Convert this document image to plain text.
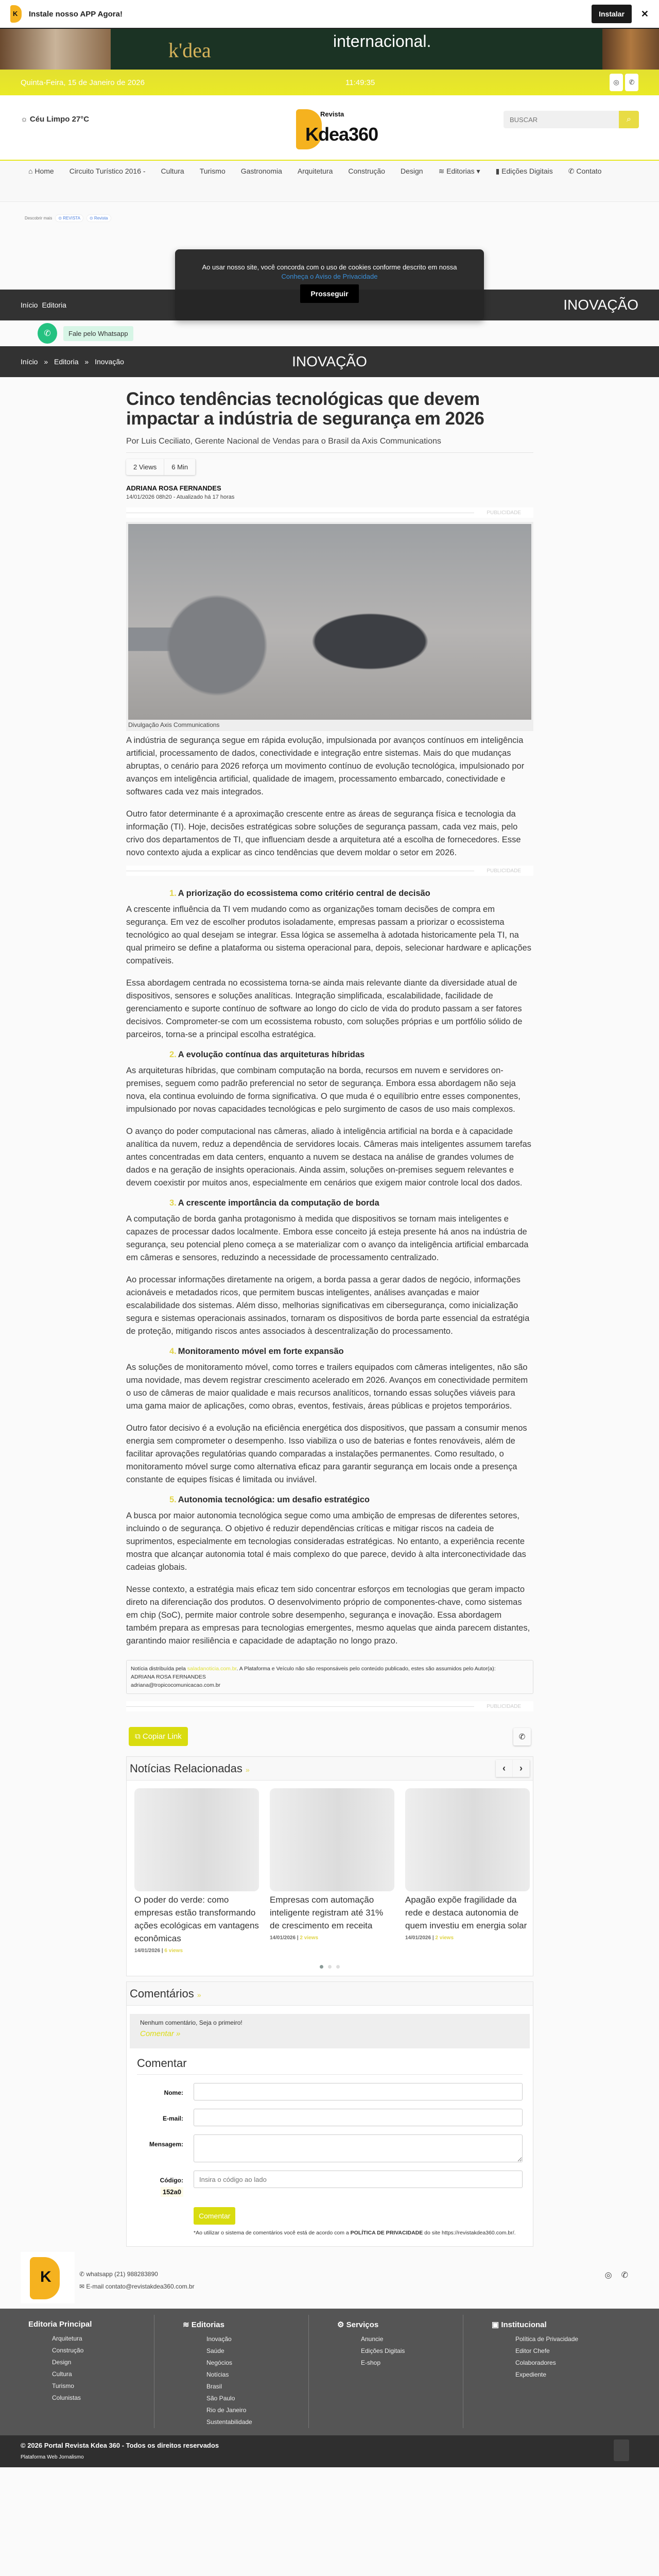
K
Instale nosso APP Agora!	Instalar	✕
k'dea	internacional.
Quinta-Feira, 15 de Janeiro de 2026	11:49:35	◎	✆
☼ Céu Limpo 27°C
Revista
Kdea360
BUSCAR
⌕
⌂ Home Circuito Turístico 2016 - Cultura Turismo Gastronomia Arquitetura Construção Design ≋ Editorias ▾ ▮ Edições Digitais ✆ Contato
Descobrir mais	⊙ REVISTA	⊙ Revista
Início Editoria	INOVAÇÃO
Início » Editoria » Inovação	INOVAÇÃO

Ao usar nosso site, você concorda com o uso de cookies conforme descrito em nossa

Conheça o Aviso de Privacidade
Prosseguir
✆	Fale pelo Whatsapp
Cinco tendências tecnológicas que devem impactar a indústria de segurança em 2026
Por Luis Ceciliato, Gerente Nacional de Vendas para o Brasil da Axis Communications
2 Views	6 Min
ADRIANA ROSA FERNANDES
14/01/2026 08h20 - Atualizado há 17 horas
PUBLICIDADE
Divulgação Axis Communications

A indústria de segurança segue em rápida evolução, impulsionada por avanços contínuos em inteligência artificial, processamento de dados, conectividade e integração entre sistemas. Mais do que mudanças abruptas, o cenário para 2026 reforça um movimento contínuo de evolução tecnológica, impulsionado por avanços em inteligência artificial, qualidade de imagem, processamento embarcado, conectividade e softwares cada vez mais integrados.

Outro fator determinante é a aproximação crescente entre as áreas de segurança física e tecnologia da informação (TI). Hoje, decisões estratégicas sobre soluções de segurança passam, cada vez mais, pelo crivo dos departamentos de TI, que influenciam desde a arquitetura até a escolha de fornecedores. Esse novo contexto ajuda a explicar as cinco tendências que devem moldar o setor em 2026.

PUBLICIDADE
1. A priorização do ecossistema como critério central de decisão

A crescente influência da TI vem mudando como as organizações tomam decisões de compra em segurança. Em vez de escolher produtos isoladamente, empresas passam a priorizar o ecossistema tecnológico ao qual desejam se integrar. Essa lógica se assemelha à adotada historicamente pela TI, na qual primeiro se define a plataforma ou sistema operacional para, depois, selecionar hardware e aplicações compatíveis.

Essa abordagem centrada no ecossistema torna-se ainda mais relevante diante da diversidade atual de dispositivos, sensores e soluções analíticas. Integração simplificada, escalabilidade, facilidade de gerenciamento e suporte contínuo de software ao longo do ciclo de vida do produto passam a ser fatores decisivos. Comprometer-se com um ecossistema robusto, com soluções próprias e um portfólio sólido de parceiros, torna-se a principal escolha estratégica.

2. A evolução contínua das arquiteturas híbridas

As arquiteturas híbridas, que combinam computação na borda, recursos em nuvem e servidores on-premises, seguem como padrão preferencial no setor de segurança. Embora essa abordagem não seja nova, ela continua evoluindo de forma significativa. O que muda é o equilíbrio entre esses componentes, impulsionado por novas capacidades tecnológicas e pelo surgimento de casos de uso mais complexos.

O avanço do poder computacional nas câmeras, aliado à inteligência artificial na borda e à capacidade analítica da nuvem, reduz a dependência de servidores locais. Câmeras mais inteligentes assumem tarefas antes concentradas em data centers, enquanto a nuvem se destaca na análise de grandes volumes de dados e na geração de insights operacionais. Ainda assim, soluções on-premises seguem relevantes e devem coexistir por muitos anos, especialmente em cenários que exigem maior controle local dos dados.

3. A crescente importância da computação de borda

A computação de borda ganha protagonismo à medida que dispositivos se tornam mais inteligentes e capazes de processar dados localmente. Embora esse conceito já esteja presente há anos na indústria de segurança, seu potencial pleno começa a se materializar com o avanço da inteligência artificial embarcada em câmeras e sensores, reduzindo a necessidade de processamento centralizado.

Ao processar informações diretamente na origem, a borda passa a gerar dados de negócio, informações acionáveis e metadados ricos, que permitem buscas inteligentes, análises avançadas e maior escalabilidade dos sistemas. Além disso, melhorias significativas em cibersegurança, como inicialização segura e sistemas operacionais assinados, tornaram os dispositivos de borda parte essencial da estratégia de proteção, mitigando riscos antes associados à descentralização do processamento.

4. Monitoramento móvel em forte expansão

As soluções de monitoramento móvel, como torres e trailers equipados com câmeras inteligentes, não são uma novidade, mas devem registrar crescimento acelerado em 2026. Avanços em conectividade permitem o uso de câmeras de maior qualidade e mais recursos analíticos, tornando essas soluções viáveis para uma gama maior de aplicações, como obras, eventos, festivais, áreas públicas e projetos temporários.

Outro fator decisivo é a evolução na eficiência energética dos dispositivos, que passam a consumir menos energia sem comprometer o desempenho. Isso viabiliza o uso de baterias e fontes renováveis, além de facilitar aprovações regulatórias quando comparadas a instalações permanentes. Como resultado, o monitoramento móvel surge como alternativa eficaz para garantir segurança em locais onde a presença constante de equipes físicas é limitada ou inviável.

5. Autonomia tecnológica: um desafio estratégico

A busca por maior autonomia tecnológica segue como uma ambição de empresas de diferentes setores, incluindo o de segurança. O objetivo é reduzir dependências críticas e mitigar riscos na cadeia de suprimentos, especialmente em tecnologias consideradas estratégicas. No entanto, a experiência recente mostra que alcançar autonomia total é mais complexo do que parece, devido à alta interconectividade das cadeias globais.

Nesse contexto, a estratégia mais eficaz tem sido concentrar esforços em tecnologias que geram impacto direto na diferenciação dos produtos. O desenvolvimento próprio de componentes-chave, como sistemas em chip (SoC), permite maior controle sobre desempenho, segurança e inovação. Essa abordagem também prepara as empresas para tecnologias emergentes, mesmo aquelas que ainda parecem distantes, garantindo maior resiliência e capacidade de adaptação no longo prazo.

Notícia distribuída pela saladanoticia.com.br. A Plataforma e Veículo não são responsáveis pelo conteúdo publicado, estes são assumidos pelo Autor(a):
ADRIANA ROSA FERNANDES
adriana@tropicocomunicacao.com.br
PUBLICIDADE
⧉ Copiar Link	✆
Notícias Relacionadas »	‹	›
O poder do verde: como empresas estão transformando ações ecológicas em vantagens econômicas
14/01/2026 | 6 views
Empresas com automação inteligente registram até 31% de crescimento em receita
14/01/2026 | 2 views
Apagão expõe fragilidade da rede e destaca autonomia de quem investiu em energia solar
14/01/2026 | 2 views
Comentários »
Nenhum comentário, Seja o primeiro!
Comentar »
Comentar
Nome:
E-mail:
Mensagem:
Código:
152a0
Insira o código ao lado
Comentar
*Ao utilizar o sistema de comentários você está de acordo com a POLÍTICA DE PRIVACIDADE do site https://revistakdea360.com.br/.
K
✆ whatsapp (21) 988283890
✉ E-mail contato@revistakdea360.com.br
◎ ✆
Editoria Principal
Arquitetura
Construção
Design
Cultura
Turismo
Colunistas
≋ Editorias
Inovação
Saúde
Negócios
Notícias
Brasil
São Paulo
Rio de Janeiro
Sustentabilidade
⚙ Serviços
Anuncie
Edições Digitais
E-shop
▣ Institucional
Política de Privacidade
Editor Chefe
Colaboradores
Expediente
© 2026 Portal Revista Kdea 360 - Todos os direitos reservados
Plataforma Web Jornalismo
